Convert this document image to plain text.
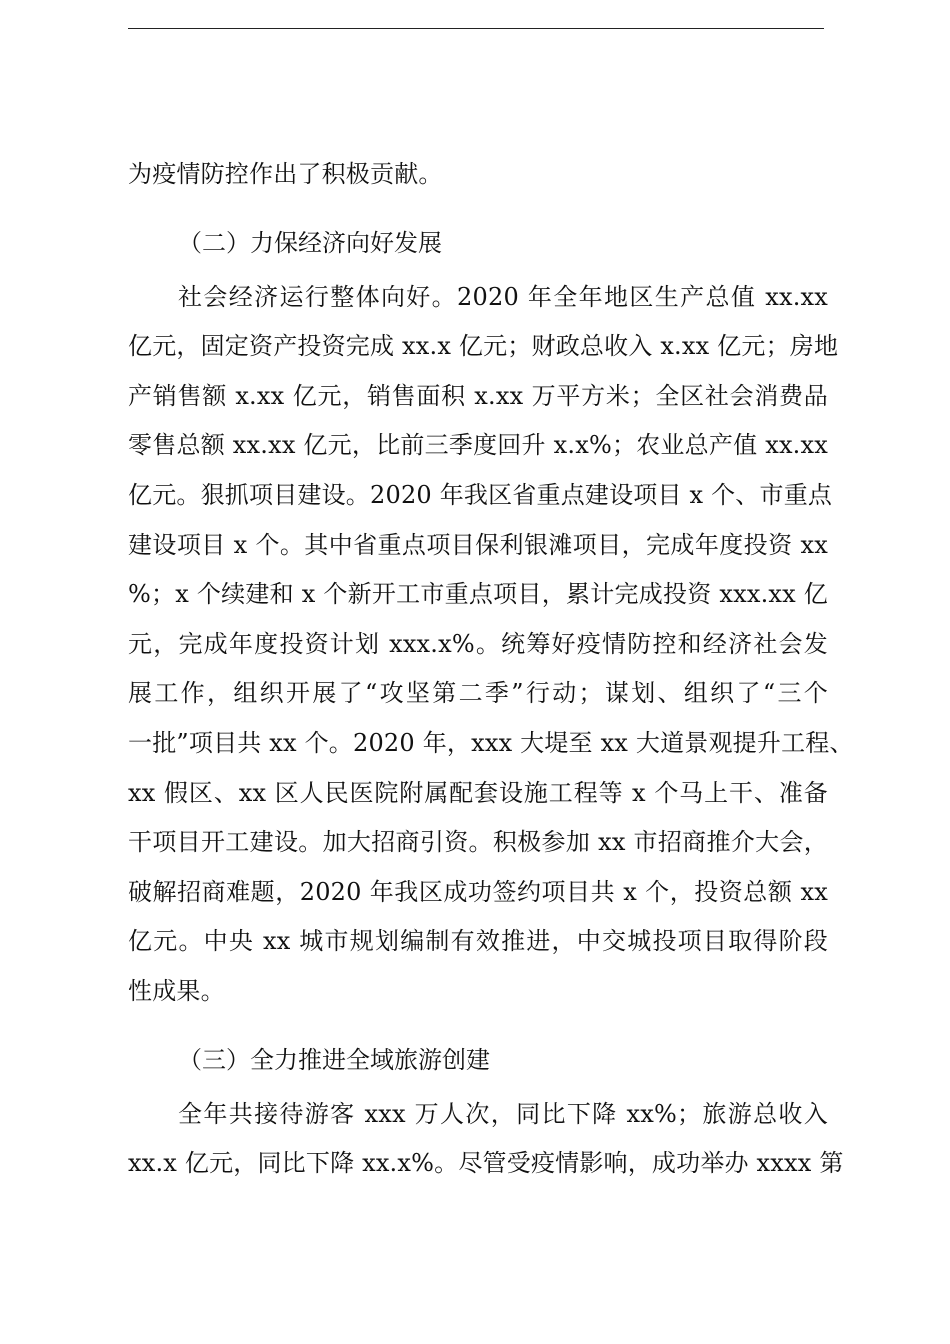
为疫情防控作出了积极贡献。
（二）力保经济向好发展
社会经济运行整体向好。2020 年全年地区生产总值 xx.xx
亿元，固定资产投资完成 xx.x 亿元；财政总收入 x.xx 亿元；房地
产销售额 x.xx 亿元，销售面积 x.xx 万平方米；全区社会消费品
零售总额 xx.xx 亿元，比前三季度回升 x.x%；农业总产值 xx.xx
亿元。狠抓项目建设。2020 年我区省重点建设项目 x 个、市重点
建设项目 x 个。其中省重点项目保利银滩项目，完成年度投资 xx
%；x 个续建和 x 个新开工市重点项目，累计完成投资 xxx.xx 亿
元，完成年度投资计划 xxx.x%。统筹好疫情防控和经济社会发
展工作，组织开展了“攻坚第二季”行动；谋划、组织了“三个
一批”项目共 xx 个。2020 年，xxx 大堤至 xx 大道景观提升工程、
xx 假区、xx 区人民医院附属配套设施工程等 x 个马上干、准备
干项目开工建设。加大招商引资。积极参加 xx 市招商推介大会，
破解招商难题，2020 年我区成功签约项目共 x 个，投资总额 xx
亿元。中央 xx 城市规划编制有效推进，中交城投项目取得阶段
性成果。
（三）全力推进全域旅游创建
全年共接待游客 xxx 万人次，同比下降 xx%；旅游总收入
xx.x 亿元，同比下降 xx.x%。尽管受疫情影响，成功举办 xxxx 第
